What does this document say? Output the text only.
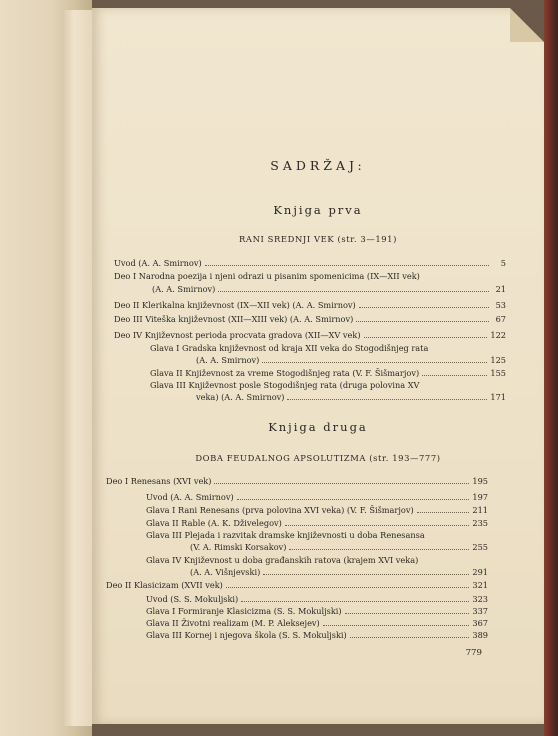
SADRŽAJ:
Knjiga prva
RANI SREDNJI VEK (str. 3—191)
Uvod (A. A. Smirnov)	5
Deo I Narodna poezija i njeni odrazi u pisanim spomenicima (IX—XII vek)
(A. A. Smirnov)	21
Deo II Klerikalna književnost (IX—XII vek) (A. A. Smirnov)	53
Deo III Viteška književnost (XII—XIII vek) (A. A. Smirnov)	67
Deo IV Književnost perioda procvata gradova (XII—XV vek)	122
Glava I Gradska književnost od kraja XII veka do Stogodišnjeg rata
(A. A. Smirnov)	125
Glava II Književnost za vreme Stogodišnjeg rata (V. F. Šišmarjov)	155
Glava III Književnost posle Stogodišnjeg rata (druga polovina XV
veka) (A. A. Smirnov)	171
Knjiga druga
DOBA FEUDALNOG APSOLUTIZMA (str. 193—777)
Deo I Renesans (XVI vek)	195
Uvod (A. A. Smirnov)	197
Glava I Rani Renesans (prva polovina XVI veka) (V. F. Šišmarjov)	211
Glava II Rable (A. K. Dživelegov)	235
Glava III Plejada i razvitak dramske književnosti u doba Renesansa
(V. A. Rimski Korsakov)	255
Glava IV Književnost u doba građanskih ratova (krajem XVI veka)
(A. A. Višnjevski)	291
Deo II Klasicizam (XVII vek)	321
Uvod (S. S. Mokuljski)	323
Glava I Formiranje Klasicizma (S. S. Mokuljski)	337
Glava II Životni realizam (M. P. Aleksejev)	367
Glava III Kornej i njegova škola (S. S. Mokuljski)	389
779
